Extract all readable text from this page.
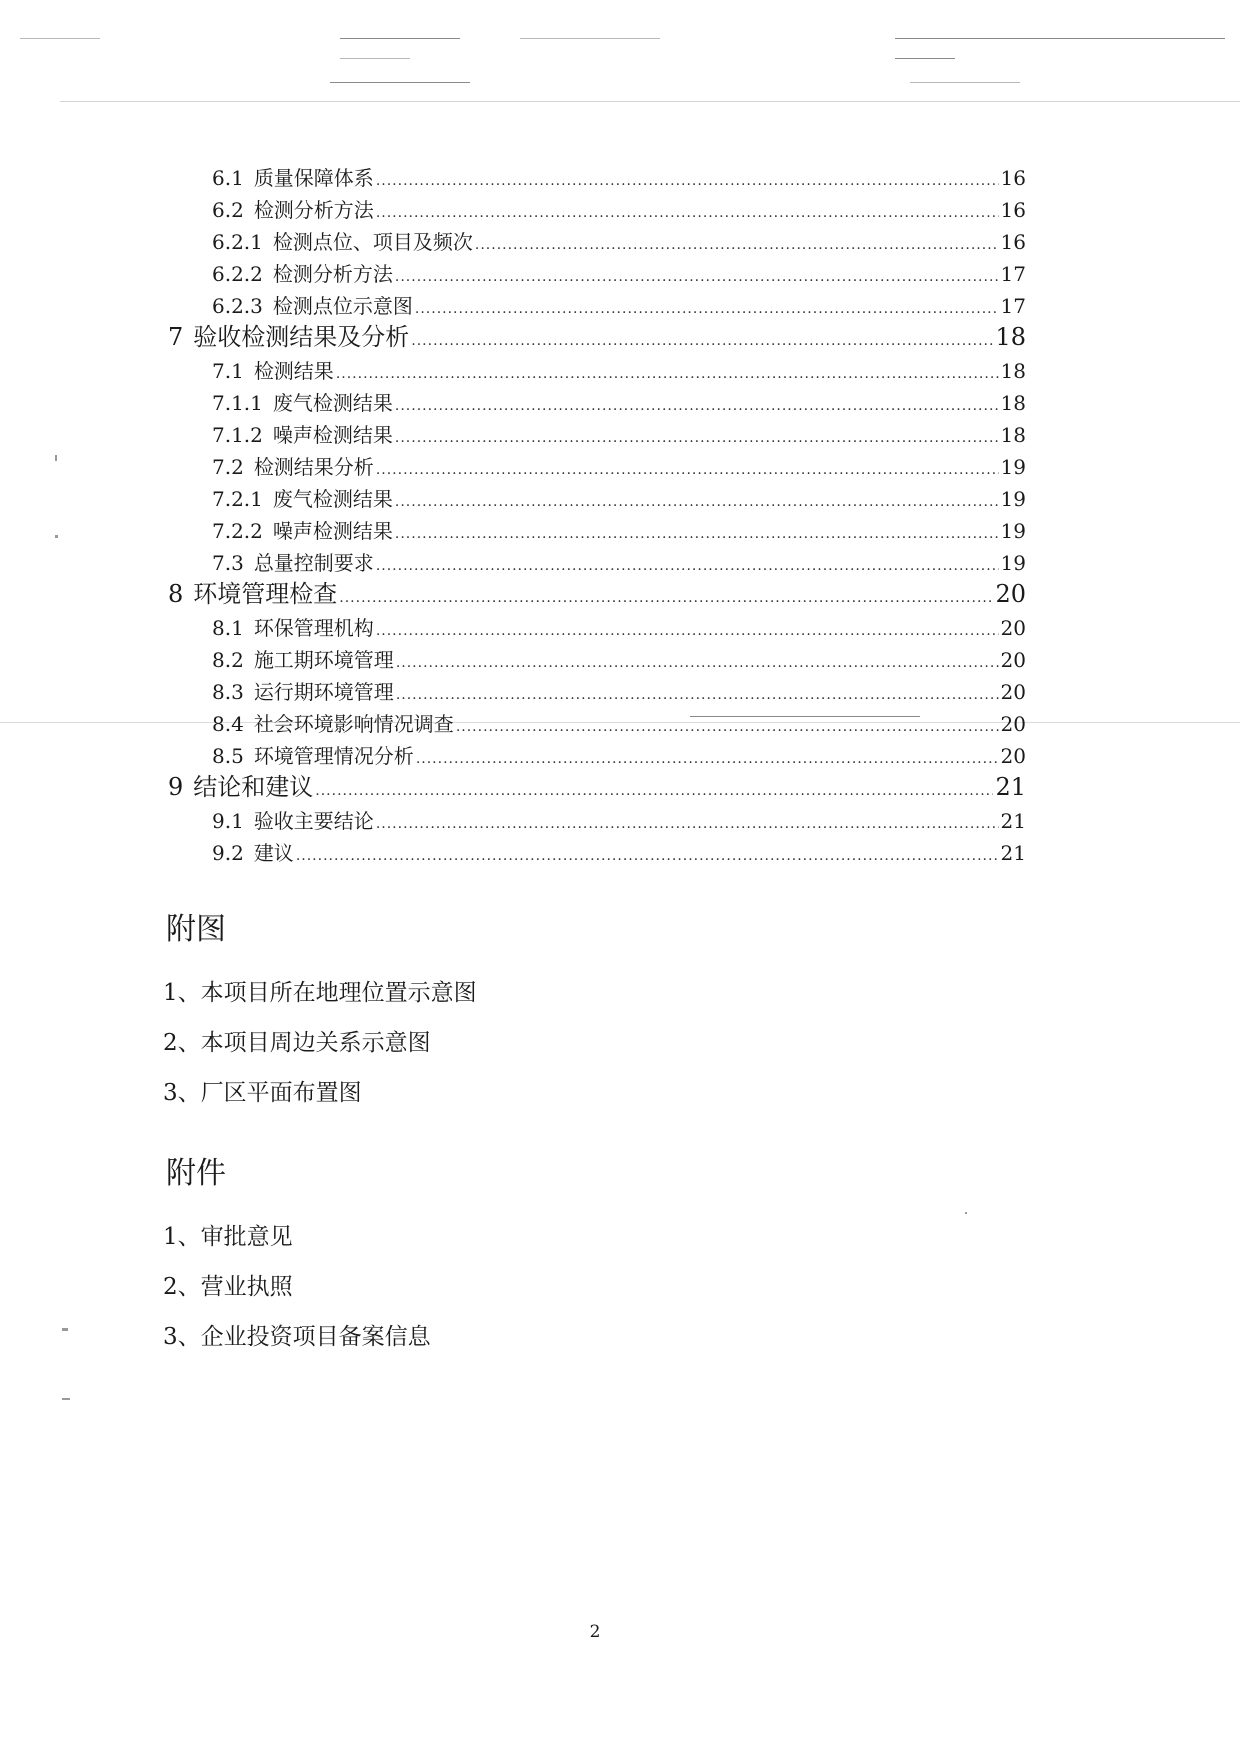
6.1 质量保障体系 .....	16
6.2 检测分析方法 .....	16
6.2.1 检测点位、项目及频次 .....	16
6.2.2 检测分析方法 .....	17
6.2.3 检测点位示意图 .....	17
7 验收检测结果及分析 .....	18
7.1 检测结果 .....	18
7.1.1 废气检测结果 .....	18
7.1.2 噪声检测结果 .....	18
7.2 检测结果分析 .....	19
7.2.1 废气检测结果 .....	19
7.2.2 噪声检测结果 .....	19
7.3 总量控制要求 .....	19
8 环境管理检查 .....	20
8.1 环保管理机构 .....	20
8.2 施工期环境管理 .....	20
8.3 运行期环境管理 .....	20
8.4 社会环境影响情况调查 .....	20
8.5 环境管理情况分析 .....	20
9 结论和建议 .....	21
9.1 验收主要结论 .....	21
9.2 建议 .....	21
附图
1、本项目所在地理位置示意图
2、本项目周边关系示意图
3、厂区平面布置图
附件
1、审批意见
2、营业执照
3、企业投资项目备案信息
2
